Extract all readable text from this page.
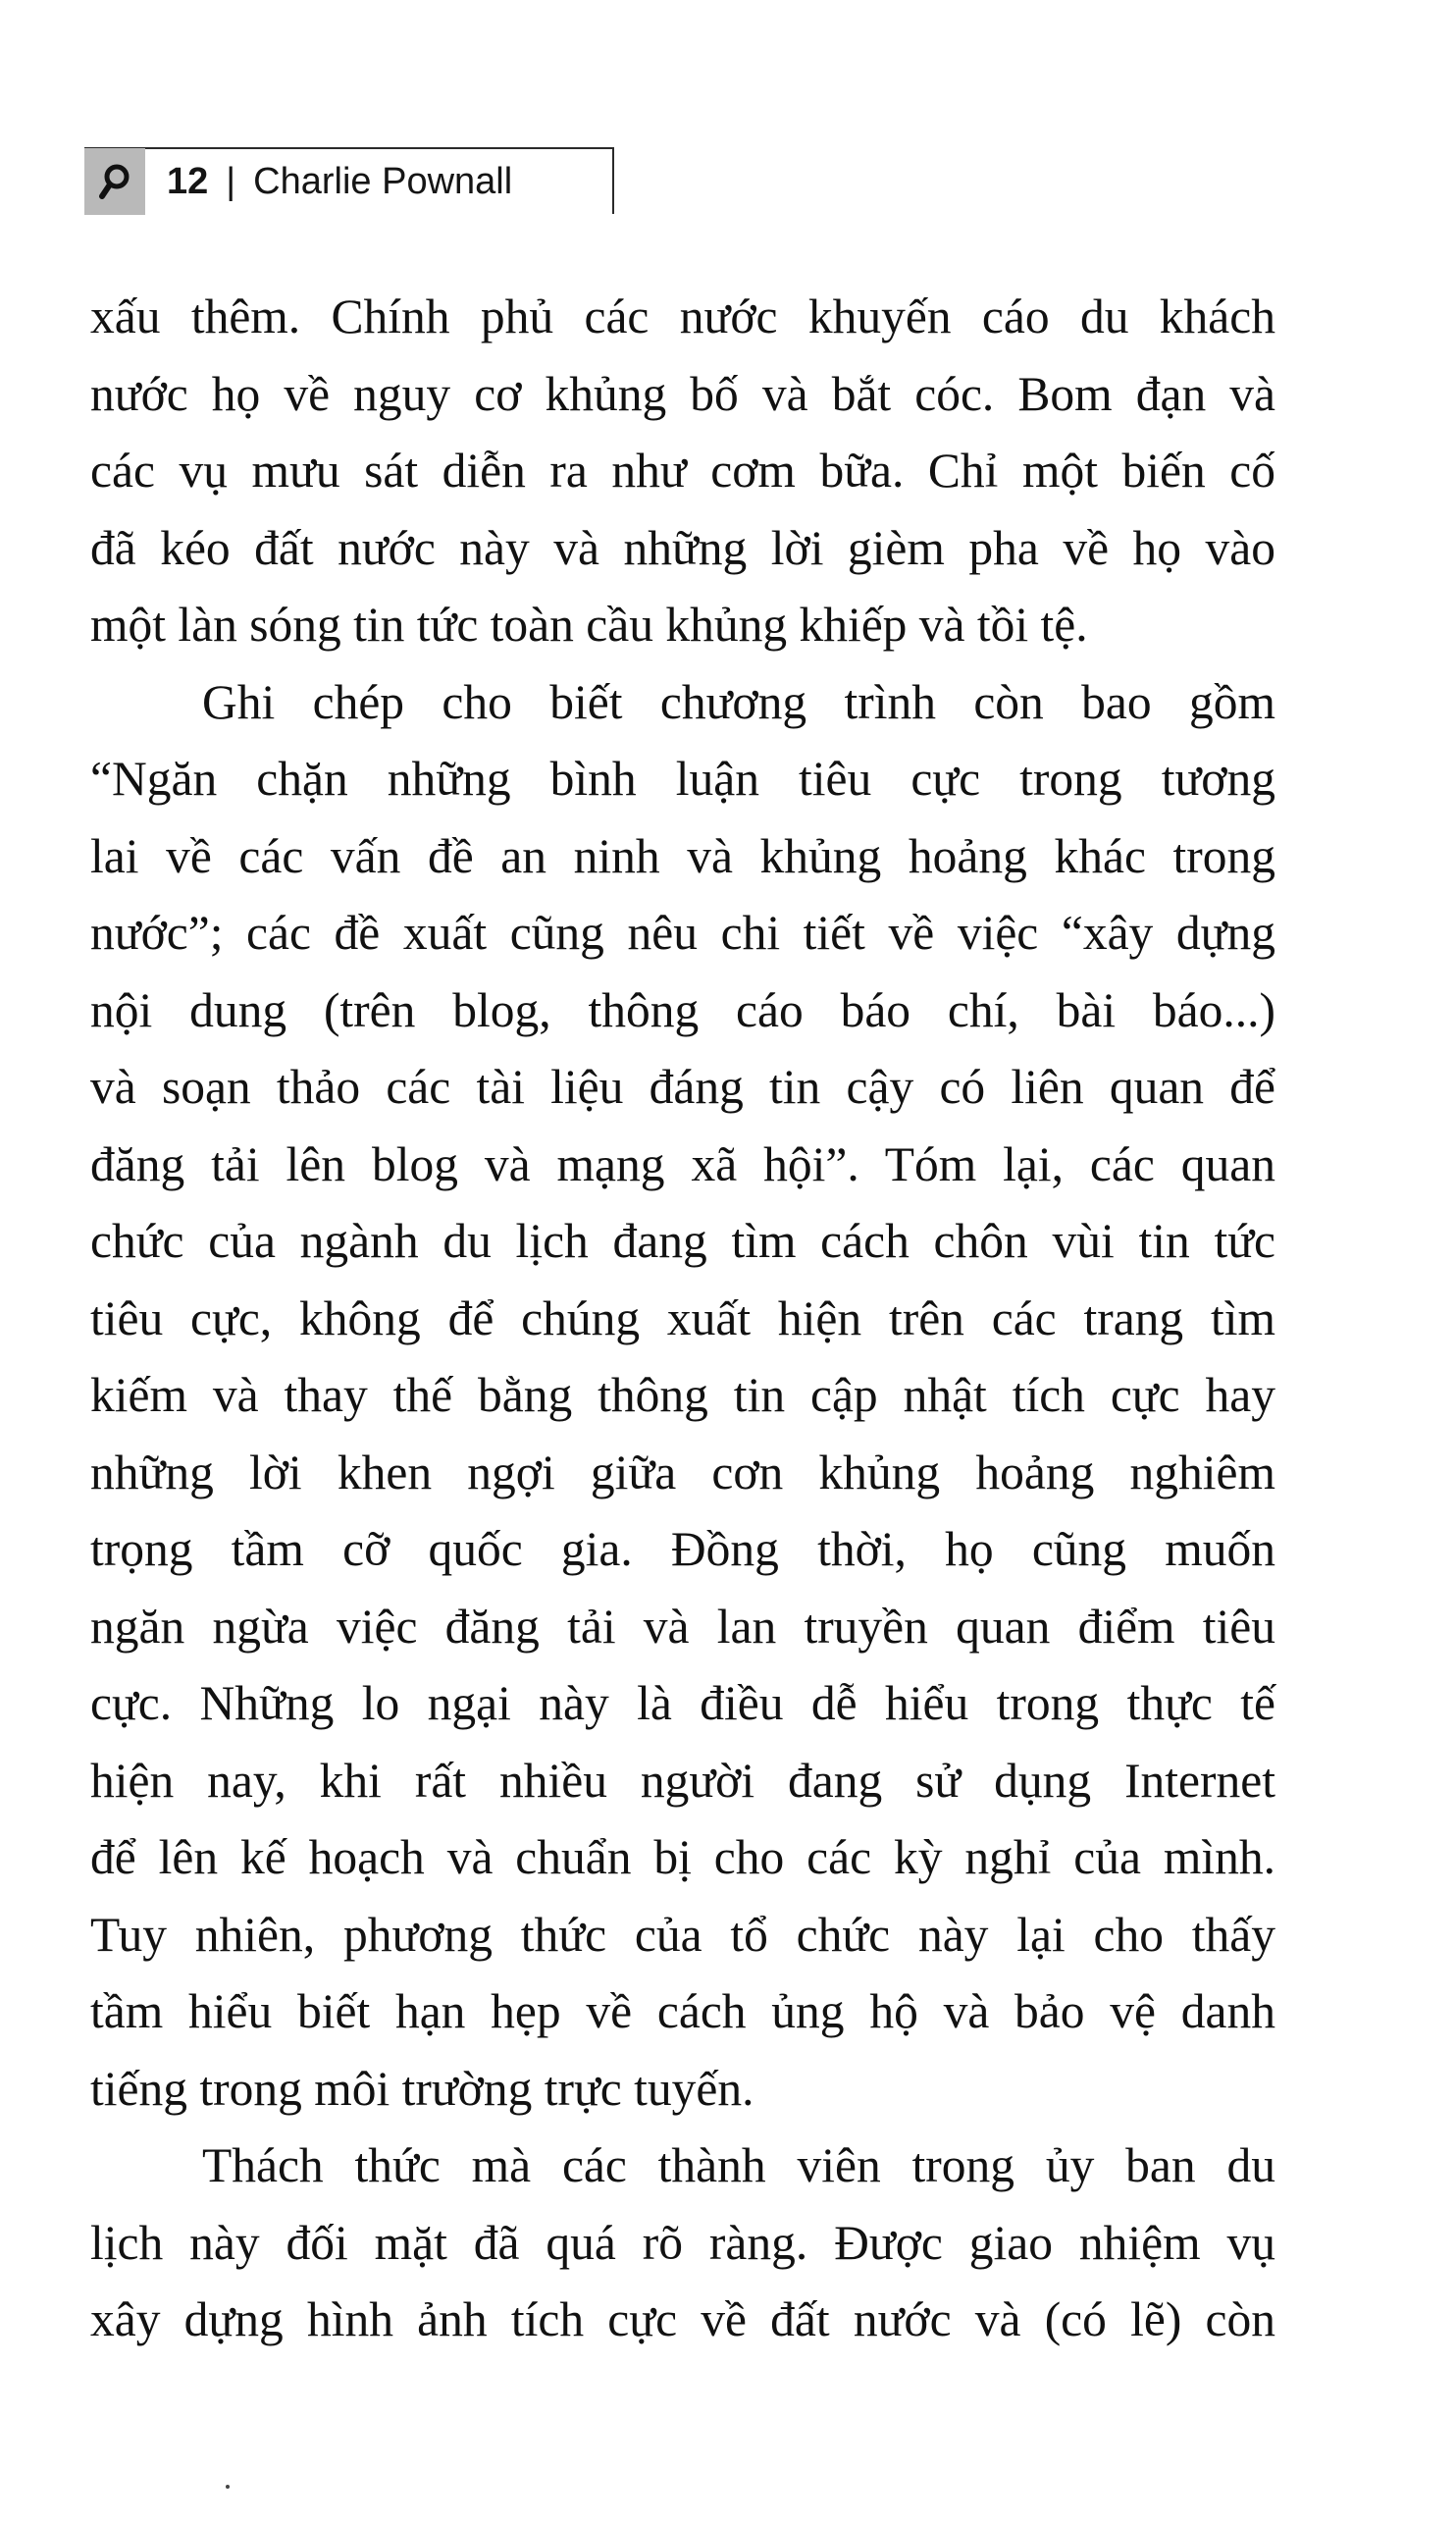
12 | Charlie Pownall
xấu thêm. Chính phủ các nước khuyến cáo du khách
nước họ về nguy cơ khủng bố và bắt cóc. Bom đạn và
các vụ mưu sát diễn ra như cơm bữa. Chỉ một biến cố
đã kéo đất nước này và những lời gièm pha về họ vào
một làn sóng tin tức toàn cầu khủng khiếp và tồi tệ.
Ghi chép cho biết chương trình còn bao gồm
“Ngăn chặn những bình luận tiêu cực trong tương
lai về các vấn đề an ninh và khủng hoảng khác trong
nước”; các đề xuất cũng nêu chi tiết về việc “xây dựng
nội dung (trên blog, thông cáo báo chí, bài báo...)
và soạn thảo các tài liệu đáng tin cậy có liên quan để
đăng tải lên blog và mạng xã hội”. Tóm lại, các quan
chức của ngành du lịch đang tìm cách chôn vùi tin tức
tiêu cực, không để chúng xuất hiện trên các trang tìm
kiếm và thay thế bằng thông tin cập nhật tích cực hay
những lời khen ngợi giữa cơn khủng hoảng nghiêm
trọng tầm cỡ quốc gia. Đồng thời, họ cũng muốn
ngăn ngừa việc đăng tải và lan truyền quan điểm tiêu
cực. Những lo ngại này là điều dễ hiểu trong thực tế
hiện nay, khi rất nhiều người đang sử dụng Internet
để lên kế hoạch và chuẩn bị cho các kỳ nghỉ của mình.
Tuy nhiên, phương thức của tổ chức này lại cho thấy
tầm hiểu biết hạn hẹp về cách ủng hộ và bảo vệ danh
tiếng trong môi trường trực tuyến.
Thách thức mà các thành viên trong ủy ban du
lịch này đối mặt đã quá rõ ràng. Được giao nhiệm vụ
xây dựng hình ảnh tích cực về đất nước và (có lẽ) còn
